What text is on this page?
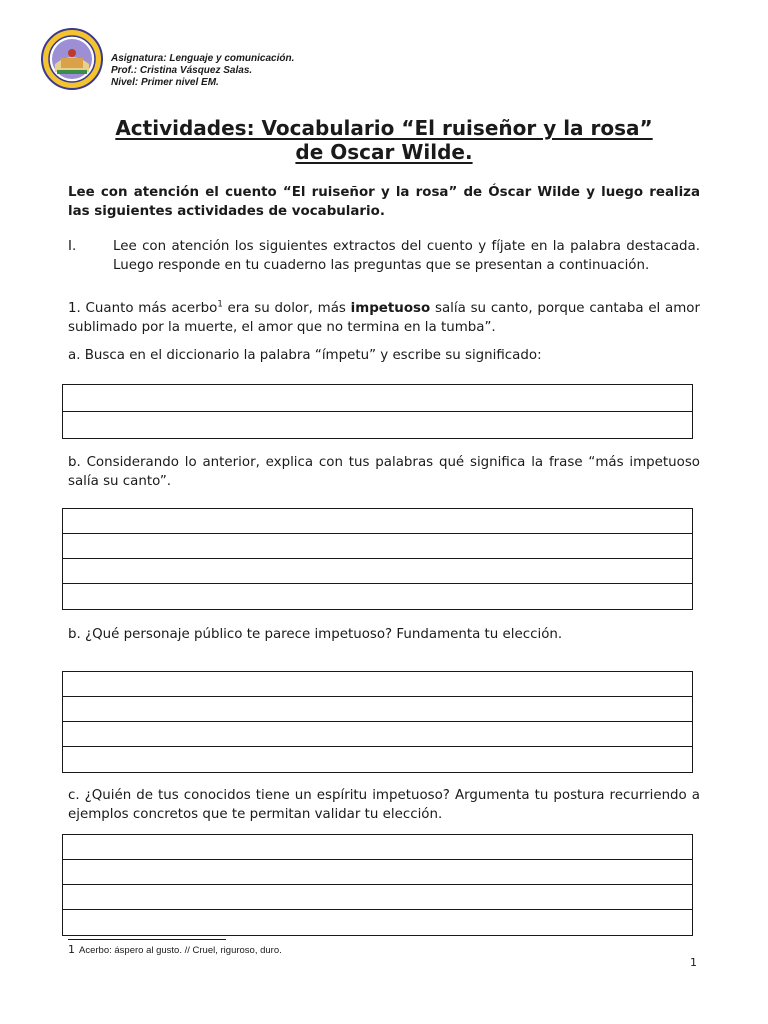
Asignatura: Lenguaje y comunicación.
Prof.: Cristina Vásquez Salas.
Nivel: Primer nivel EM.
Actividades: Vocabulario “El ruiseñor y la rosa”
de Oscar Wilde.
Lee con atención el cuento “El ruiseñor y la rosa” de Óscar Wilde y luego realiza las siguientes actividades de vocabulario.
I.	Lee con atención los siguientes extractos del cuento y fíjate en la palabra destacada. Luego responde en tu cuaderno las preguntas que se presentan a continuación.
1. Cuanto más acerbo$^1$ era su dolor, más impetuoso salía su canto, porque cantaba el amor sublimado por la muerte, el amor que no termina en la tumba”.
a. Busca en el diccionario la palabra “ímpetu” y escribe su significado:
b. Considerando lo anterior, explica con tus palabras qué significa la frase “más impetuoso salía su canto”.
b. ¿Qué personaje público te parece impetuoso? Fundamenta tu elección.
c. ¿Quién de tus conocidos tiene un espíritu impetuoso? Argumenta tu postura recurriendo a ejemplos concretos que te permitan validar tu elección.
1 Acerbo: áspero al gusto. // Cruel, riguroso, duro.
1
